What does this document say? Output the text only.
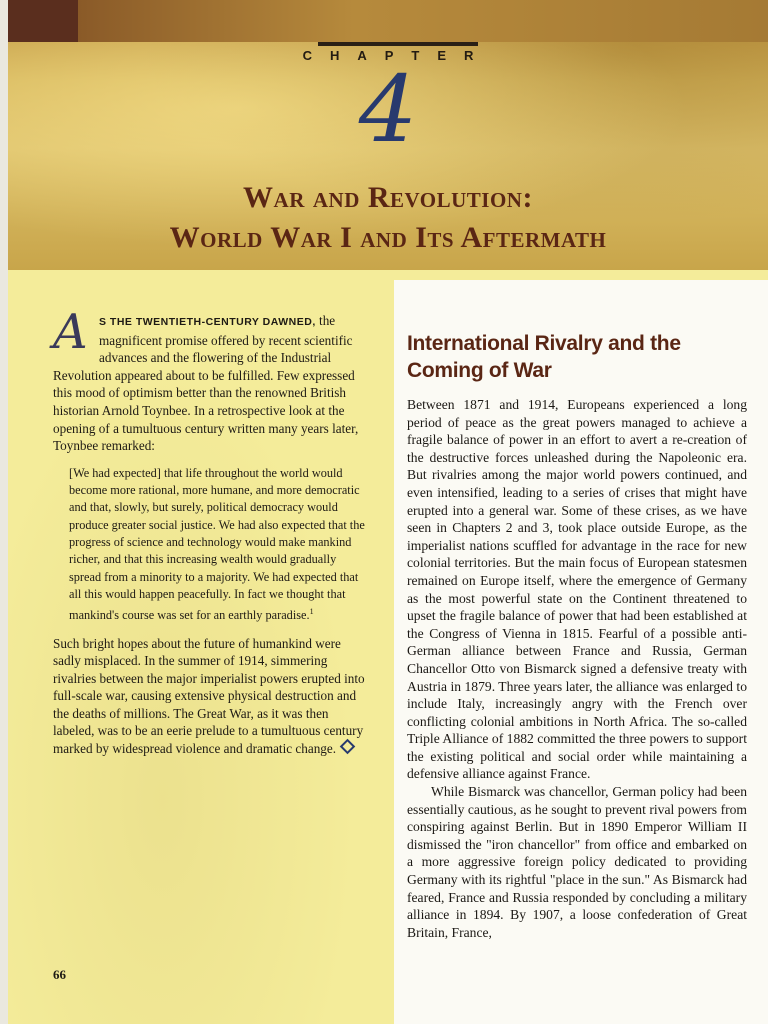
CHAPTER
4
War and Revolution:
World War I and Its Aftermath
A	S THE TWENTIETH-CENTURY DAWNED, the magnificent promise offered by recent scientific advances and the flowering of the Industrial Revolution appeared about to be fulfilled. Few expressed this mood of optimism better than the renowned British historian Arnold Toynbee. In a retrospective look at the opening of a tumultuous century written many years later, Toynbee remarked:
[We had expected] that life throughout the world would become more rational, more humane, and more democratic and that, slowly, but surely, political democracy would produce greater social justice. We had also expected that the progress of science and technology would make mankind richer, and that this increasing wealth would gradually spread from a minority to a majority. We had expected that all this would happen peacefully. In fact we thought that mankind's course was set for an earthly paradise.$^1$
Such bright hopes about the future of humankind were sadly misplaced. In the summer of 1914, simmering rivalries between the major imperialist powers erupted into full-scale war, causing extensive physical destruction and the deaths of millions. The Great War, as it was then labeled, was to be an eerie prelude to a tumultuous century marked by widespread violence and dramatic change.
66
International Rivalry and the Coming of War

Between 1871 and 1914, Europeans experienced a long period of peace as the great powers managed to achieve a fragile balance of power in an effort to avert a re-creation of the destructive forces unleashed during the Napoleonic era. But rivalries among the major world powers continued, and even intensified, leading to a series of crises that might have erupted into a general war. Some of these crises, as we have seen in Chapters 2 and 3, took place outside Europe, as the imperialist nations scuffled for advantage in the race for new colonial territories. But the main focus of European statesmen remained on Europe itself, where the emergence of Germany as the most powerful state on the Continent threatened to upset the fragile balance of power that had been established at the Congress of Vienna in 1815. Fearful of a possible anti-German alliance between France and Russia, German Chancellor Otto von Bismarck signed a defensive treaty with Austria in 1879. Three years later, the alliance was enlarged to include Italy, increasingly angry with the French over conflicting colonial ambitions in North Africa. The so-called Triple Alliance of 1882 committed the three powers to support the existing political and social order while maintaining a defensive alliance against France.

While Bismarck was chancellor, German policy had been essentially cautious, as he sought to prevent rival powers from conspiring against Berlin. But in 1890 Emperor William II dismissed the "iron chancellor" from office and embarked on a more aggressive foreign policy dedicated to providing Germany with its rightful "place in the sun." As Bismarck had feared, France and Russia responded by concluding a military alliance in 1894. By 1907, a loose confederation of Great Britain, France,
